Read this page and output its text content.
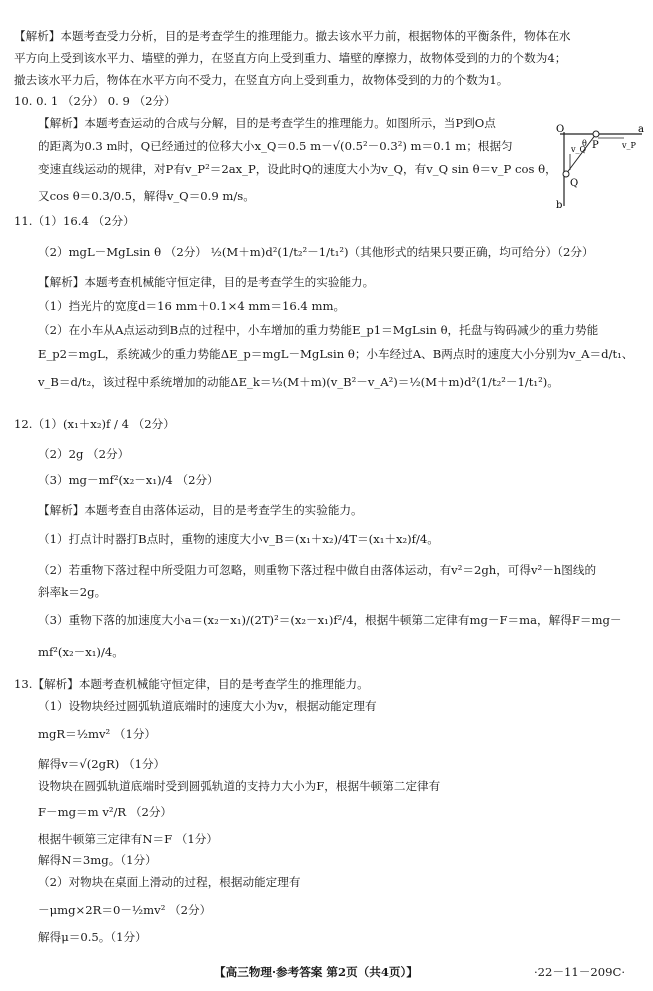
【解析】本题考查受力分析，目的是考查学生的推理能力。撤去该水平力前，根据物体的平衡条件，物体在水
平方向上受到该水平力、墙壁的弹力，在竖直方向上受到重力、墙壁的摩擦力，故物体受到的力的个数为4；
撤去该水平力后，物体在水平方向不受力，在竖直方向上受到重力，故物体受到的力的个数为1。
10. 0. 1 （2分） 0. 9 （2分）
【解析】本题考查运动的合成与分解，目的是考查学生的推理能力。如图所示，当P到O点
的距离为0.3 m时，Q已经通过的位移大小x_Q＝0.5 m－√(0.5²－0.3²) m＝0.1 m；根据匀
变速直线运动的规律，对P有v_P²＝2ax_P，设此时Q的速度大小为v_Q，有v_Q sin θ＝v_P cos θ，
又cos θ＝0.3/0.5，解得v_Q＝0.9 m/s。
11.（1）16.4 （2分）
（2）mgL－MgLsin θ （2分） ½(M＋m)d²(1/t₂²－1/t₁²)（其他形式的结果只要正确，均可给分）（2分）
【解析】本题考查机械能守恒定律，目的是考查学生的实验能力。
（1）挡光片的宽度d＝16 mm＋0.1×4 mm＝16.4 mm。
（2）在小车从A点运动到B点的过程中，小车增加的重力势能E_p1＝MgLsin θ，托盘与钩码减少的重力势能
E_p2＝mgL，系统减少的重力势能ΔE_p＝mgL－MgLsin θ；小车经过A、B两点时的速度大小分别为v_A＝d/t₁、
v_B＝d/t₂，该过程中系统增加的动能ΔE_k＝½(M＋m)(v_B²－v_A²)＝½(M＋m)d²(1/t₂²－1/t₁²)。
12.（1）(x₁＋x₂)f / 4 （2分）
（2）2g （2分）
（3）mg－mf²(x₂－x₁)/4 （2分）
【解析】本题考查自由落体运动，目的是考查学生的实验能力。
（1）打点计时器打B点时，重物的速度大小v_B＝(x₁＋x₂)/4T＝(x₁＋x₂)f/4。
（2）若重物下落过程中所受阻力可忽略，则重物下落过程中做自由落体运动，有v²＝2gh，可得v²－h图线的
斜率k＝2g。
（3）重物下落的加速度大小a＝(x₂－x₁)/(2T)²＝(x₂－x₁)f²/4，根据牛顿第二定律有mg－F＝ma，解得F＝mg－
mf²(x₂－x₁)/4。
13.【解析】本题考查机械能守恒定律，目的是考查学生的推理能力。
（1）设物块经过圆弧轨道底端时的速度大小为v，根据动能定理有
mgR＝½mv² （1分）
解得v＝√(2gR) （1分）
设物块在圆弧轨道底端时受到圆弧轨道的支持力大小为F，根据牛顿第二定律有
F－mg＝m v²/R （2分）
根据牛顿第三定律有N＝F （1分）
解得N＝3mg。（1分）
（2）对物块在桌面上滑动的过程，根据动能定理有
－μmg×2R＝0－½mv² （2分）
解得μ＝0.5。（1分）
O	a
P
Q
b
θ
v_Q	v_P
【高三物理·参考答案 第2页（共4页）】	·22－11－209C·
